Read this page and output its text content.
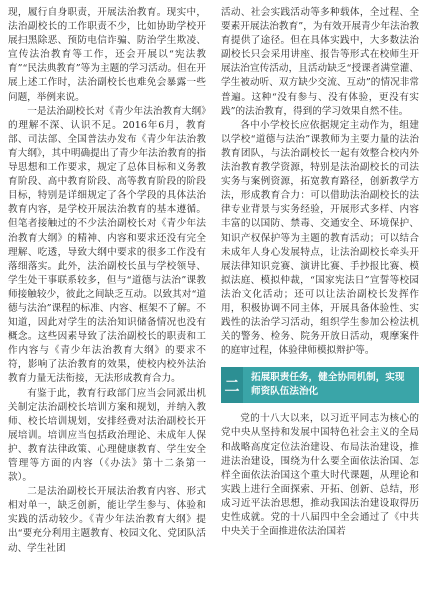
现，履行自身职责，开展法治教育。现实中，法治副校长的工作职责不少，比如协助学校开展扫黑除恶、预防电信诈骗、防治学生欺凌、宣传法治教育等工作，还会开展以“宪法教育”“民法典教育”等为主题的学习活动。但在开展上述工作时，法治副校长也难免会暴露一些问题，举例来说。

一是法治副校长对《青少年法治教育大纲》的理解不深、认识不足。2016年6月，教育部、司法部、全国普法办发布《青少年法治教育大纲》，其中明确提出了青少年法治教育的指导思想和工作要求，规定了总体目标和义务教育阶段、高中教育阶段、高等教育阶段的阶段目标，特别是详细规定了各个学段的具体法治教育内容，是学校开展法治教育的基本遵循。但笔者接触过的不少法治副校长对《青少年法治教育大纲》的精神、内容和要求还没有完全理解、吃透，导致大纲中要求的很多工作没有落细落实。此外，法治副校长虽与学校领导、学生处干事联系较多，但与“道德与法治”课教师接触较少，彼此之间缺乏互动。以致其对“道德与法治”课程的标准、内容、框架不了解。不知道，因此对学生的法治知识储备情况也没有概念。这些因素导致了法治副校长的职责和工作内容与《青少年法治教育大纲》的要求不符，影响了法治教育的效果，使校内校外法治教育力量无法衔接，无法形成教育合力。

有鉴于此，教育行政部门应当会同派出机关制定法治副校长培训方案和规划，并纳入教师、校长培训规划，安排经费对法治副校长开展培训。培训应当包括政治理论、未成年人保护、教育法律政策、心理健康教育、学生安全管理等方面的内容（《办法》第十二条第一款）。

二是法治副校长开展法治教育内容、形式相对单一，缺乏创新，能让学生参与、体验和实践的活动较少。《青少年法治教育大纲》提出“要充分利用主题教育、校园文化、党团队活动、学生社团

活动、社会实践活动等多种载体，全过程、全要素开展法治教育”，为有效开展青少年法治教育提供了途径。但在具体实践中，大多数法治副校长只会采用讲座、报告等形式在校师生开展法治宣传活动，且活动缺乏“授课者满堂灌、学生被动听、双方缺少交流、互动”的情况非常普遍。这种“没有参与、没有体验，更没有实践”的法治教育，得到的学习效果自然不佳。

各中小学校长应依据规定主动作为，组建以学校“道德与法治”课教师为主要力量的法治教育团队，与法治副校长一起有效整合校内外法治教育教学资源，特别是法治副校长的司法实务与案例资源，拓宽教育路径，创新教学方法，形成教育合力：可以借助法治副校长的法律专业背景与实务经验，开展形式多样、内容丰富的以国防、禁毒、交通安全、环境保护、知识产权保护等为主题的教育活动；可以结合未成年人身心发展特点，让法治副校长牵头开展法律知识竞赛、演讲比赛、手抄报比赛、模拟法庭、模拟仲裁，“国家宪法日”宣誓等校园法治文化活动；还可以让法治副校长发挥作用，积极协调不同主体，开展具备体验性、实践性的法治学习活动，组织学生参加公检法机关的警务、检务、院务开放日活动，观摩案件的庭审过程，体验律师模拟辩护等。

二	拓展职责任务，健全协同机制，实现
师资队伍法治化

党的十八大以来，以习近平同志为核心的党中央从坚持和发展中国特色社会主义的全局和战略高度定位法治建设、布局法治建设，推进法治建设，围绕为什么要全面依法治国、怎样全面依法治国这个重大时代课题，从理论和实践上进行全面探索、开拓、创新、总结，形成习近平法治思想，推动我国法治建设取得历史性成就。党的十八届四中全会通过了《中共中央关于全面推进依法治国若
